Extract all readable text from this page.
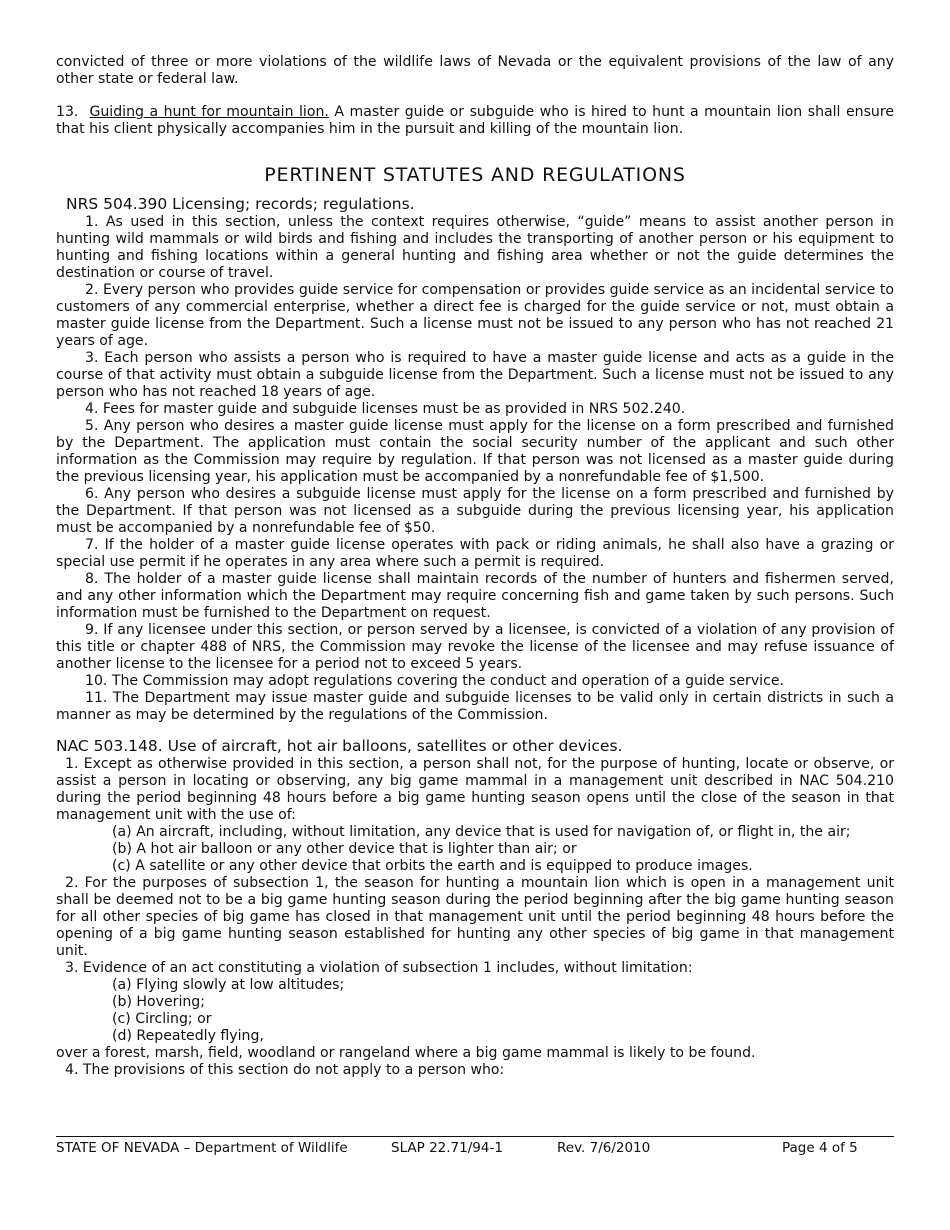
convicted of three or more violations of the wildlife laws of Nevada or the equivalent provisions of the law of any other state or federal law.

13. Guiding a hunt for mountain lion. A master guide or subguide who is hired to hunt a mountain lion shall ensure that his client physically accompanies him in the pursuit and killing of the mountain lion.

PERTINENT STATUTES AND REGULATIONS

NRS 504.390 Licensing; records; regulations.

1. As used in this section, unless the context requires otherwise, “guide” means to assist another person in hunting wild mammals or wild birds and fishing and includes the transporting of another person or his equipment to hunting and fishing locations within a general hunting and fishing area whether or not the guide determines the destination or course of travel.

2. Every person who provides guide service for compensation or provides guide service as an incidental service to customers of any commercial enterprise, whether a direct fee is charged for the guide service or not, must obtain a master guide license from the Department. Such a license must not be issued to any person who has not reached 21 years of age.

3. Each person who assists a person who is required to have a master guide license and acts as a guide in the course of that activity must obtain a subguide license from the Department. Such a license must not be issued to any person who has not reached 18 years of age.

4. Fees for master guide and subguide licenses must be as provided in NRS 502.240.

5. Any person who desires a master guide license must apply for the license on a form prescribed and furnished by the Department. The application must contain the social security number of the applicant and such other information as the Commission may require by regulation. If that person was not licensed as a master guide during the previous licensing year, his application must be accompanied by a nonrefundable fee of $1,500.

6. Any person who desires a subguide license must apply for the license on a form prescribed and furnished by the Department. If that person was not licensed as a subguide during the previous licensing year, his application must be accompanied by a nonrefundable fee of $50.

7. If the holder of a master guide license operates with pack or riding animals, he shall also have a grazing or special use permit if he operates in any area where such a permit is required.

8. The holder of a master guide license shall maintain records of the number of hunters and fishermen served, and any other information which the Department may require concerning fish and game taken by such persons. Such information must be furnished to the Department on request.

9. If any licensee under this section, or person served by a licensee, is convicted of a violation of any provision of this title or chapter 488 of NRS, the Commission may revoke the license of the licensee and may refuse issuance of another license to the licensee for a period not to exceed 5 years.

10. The Commission may adopt regulations covering the conduct and operation of a guide service.

11. The Department may issue master guide and subguide licenses to be valid only in certain districts in such a manner as may be determined by the regulations of the Commission.

NAC 503.148. Use of aircraft, hot air balloons, satellites or other devices.

1. Except as otherwise provided in this section, a person shall not, for the purpose of hunting, locate or observe, or assist a person in locating or observing, any big game mammal in a management unit described in NAC 504.210 during the period beginning 48 hours before a big game hunting season opens until the close of the season in that management unit with the use of:

(a) An aircraft, including, without limitation, any device that is used for navigation of, or flight in, the air;

(b) A hot air balloon or any other device that is lighter than air; or

(c) A satellite or any other device that orbits the earth and is equipped to produce images.

2. For the purposes of subsection 1, the season for hunting a mountain lion which is open in a management unit shall be deemed not to be a big game hunting season during the period beginning after the big game hunting season for all other species of big game has closed in that management unit until the period beginning 48 hours before the opening of a big game hunting season established for hunting any other species of big game in that management unit.

3. Evidence of an act constituting a violation of subsection 1 includes, without limitation:

(a) Flying slowly at low altitudes;

(b) Hovering;

(c) Circling; or

(d) Repeatedly flying,

over a forest, marsh, field, woodland or rangeland where a big game mammal is likely to be found.

4. The provisions of this section do not apply to a person who:

STATE OF NEVADA – Department of Wildlife	SLAP 22.71/94-1	Rev. 7/6/2010	Page 4 of 5
